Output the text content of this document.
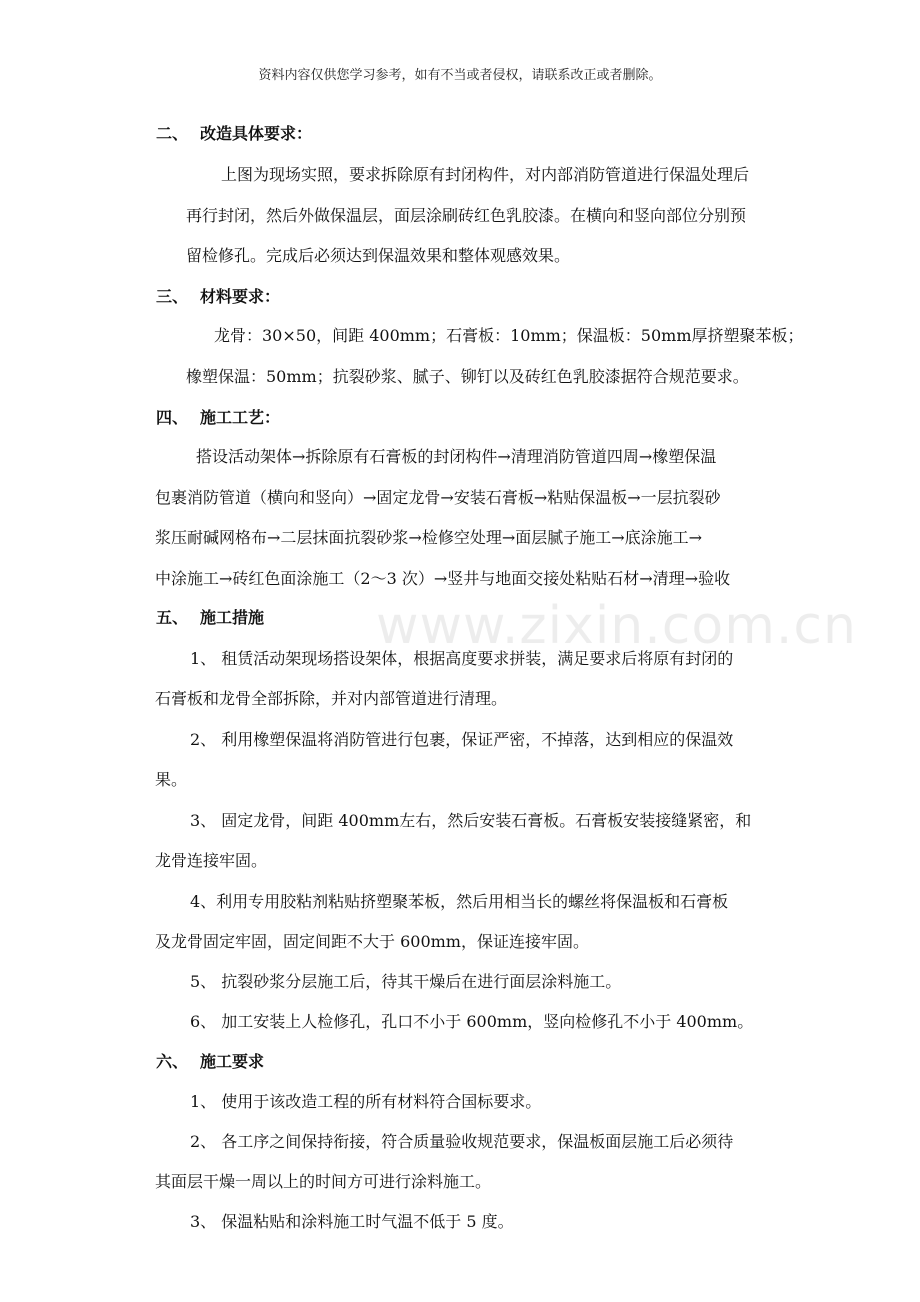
资料内容仅供您学习参考，如有不当或者侵权，请联系改正或者删除。
www.zixin.com.cn
二、 改造具体要求：
上图为现场实照，要求拆除原有封闭构件，对内部消防管道进行保温处理后
再行封闭，然后外做保温层，面层涂刷砖红色乳胶漆。在横向和竖向部位分别预
留检修孔。完成后必须达到保温效果和整体观感效果。
三、 材料要求：
龙骨：30×50，间距 400mm；石膏板：10mm；保温板：50mm厚挤塑聚苯板；
橡塑保温：50mm；抗裂砂浆、腻子、铆钉以及砖红色乳胶漆据符合规范要求。
四、 施工工艺：
搭设活动架体→拆除原有石膏板的封闭构件→清理消防管道四周→橡塑保温
包裹消防管道（横向和竖向）→固定龙骨→安装石膏板→粘贴保温板→一层抗裂砂
浆压耐碱网格布→二层抹面抗裂砂浆→检修空处理→面层腻子施工→底涂施工→
中涂施工→砖红色面涂施工（2～3 次）→竖井与地面交接处粘贴石材→清理→验收
五、 施工措施
1、 租赁活动架现场搭设架体，根据高度要求拼装，满足要求后将原有封闭的
石膏板和龙骨全部拆除，并对内部管道进行清理。
2、 利用橡塑保温将消防管进行包裹，保证严密，不掉落，达到相应的保温效
果。
3、 固定龙骨，间距 400mm左右，然后安装石膏板。石膏板安装接缝紧密，和
龙骨连接牢固。
4、利用专用胶粘剂粘贴挤塑聚苯板，然后用相当长的螺丝将保温板和石膏板
及龙骨固定牢固，固定间距不大于 600mm，保证连接牢固。
5、 抗裂砂浆分层施工后，待其干燥后在进行面层涂料施工。
6、 加工安装上人检修孔，孔口不小于 600mm，竖向检修孔不小于 400mm。
六、 施工要求
1、 使用于该改造工程的所有材料符合国标要求。
2、 各工序之间保持衔接，符合质量验收规范要求，保温板面层施工后必须待
其面层干燥一周以上的时间方可进行涂料施工。
3、 保温粘贴和涂料施工时气温不低于 5 度。
